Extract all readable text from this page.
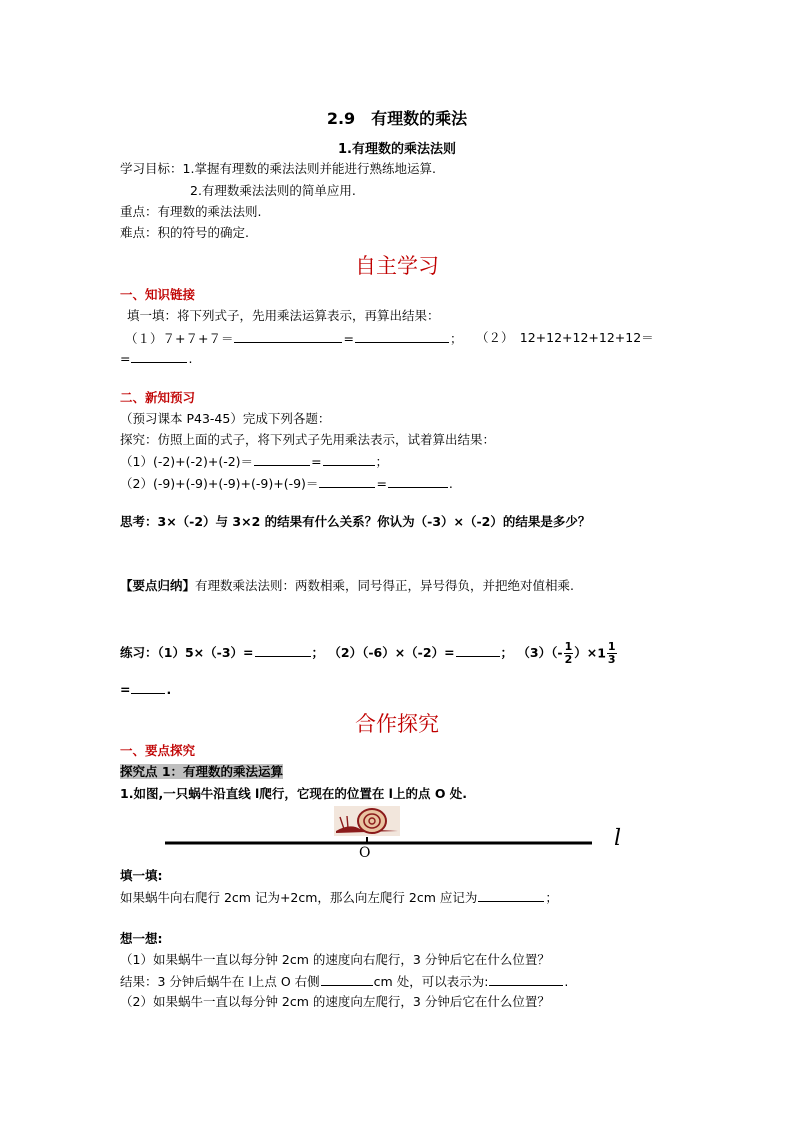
2.9　有理数的乘法
1.有理数的乘法法则
学习目标：1.掌握有理数的乘法法则并能进行熟练地运算.
2.有理数乘法法则的简单应用.
重点：有理数的乘法法则.
难点：积的符号的确定.
自主学习
一、知识链接
填一填：将下列式子，先用乘法运算表示，再算出结果：
（１）７+７+７＝	=	； （２）　12+12+12+12+12＝
=	.
二、新知预习
（预习课本 P43-45）完成下列各题：
探究：仿照上面的式子，将下列式子先用乘法表示，试着算出结果：
（1）(-2)+(-2)+(-2)＝	=	；
（2）(-9)+(-9)+(-9)+(-9)+(-9)＝	=	.
思考：3×（-2）与 3×2 的结果有什么关系？你认为（-3）×（-2）的结果是多少？
【要点归纳】有理数乘法法则：两数相乘，同号得正，异号得负，并把绝对值相乘.
练习：（1）5×（-3）=	； （2）（-6）×（-2）=	； $(3)(- \frac{1}{2} )\times 1 \frac{1}{3}$
=	.
合作探究
一、要点探究
探究点 1：有理数的乘法运算
1.如图,一只蜗牛沿直线 l爬行，它现在的位置在 l上的点 O 处.
O
l
填一填:
如果蜗牛向右爬行 2cm 记为+2cm，那么向左爬行 2cm 应记为	；
想一想:
（1）如果蜗牛一直以每分钟 2cm 的速度向右爬行，3 分钟后它在什么位置？
结果：3 分钟后蜗牛在 l上点 O 右侧	cm 处，可以表示为:	.
（2）如果蜗牛一直以每分钟 2cm 的速度向左爬行，3 分钟后它在什么位置？
